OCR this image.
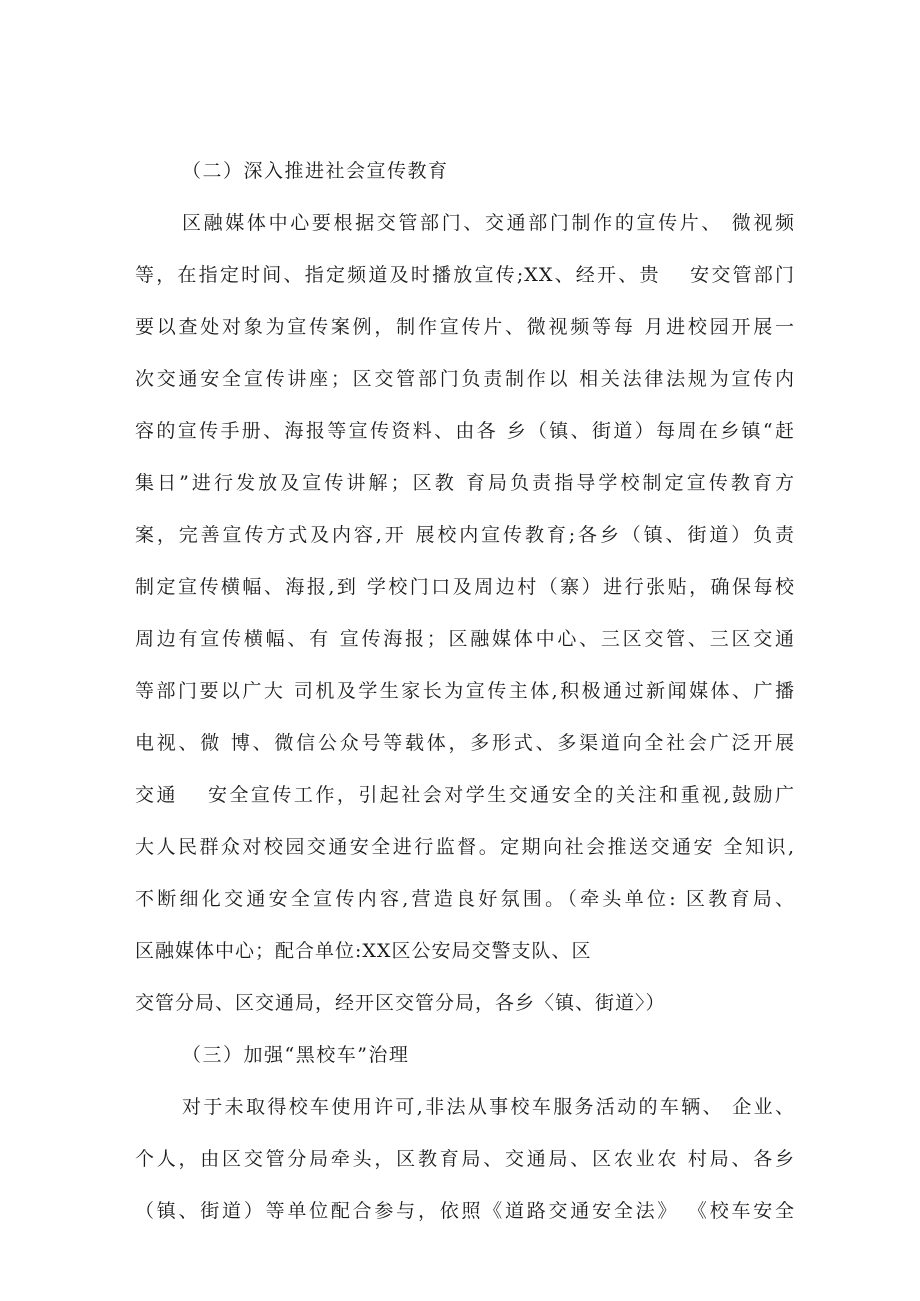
（二）深入推进社会宣传教育
区融媒体中心要根据交管部门、交通部门制作的宣传片、 微视频
等，在指定时间、指定频道及时播放宣传;XX、经开、贵　 安交管部门
要以查处对象为宣传案例，制作宣传片、微视频等每 月进校园开展一
次交通安全宣传讲座；区交管部门负责制作以 相关法律法规为宣传内
容的宣传手册、海报等宣传资料、由各 乡（镇、街道）每周在乡镇“赶
集日”进行发放及宣传讲解；区教 育局负责指导学校制定宣传教育方
案，完善宣传方式及内容,开 展校内宣传教育;各乡（镇、街道）负责
制定宣传横幅、海报,到 学校门口及周边村（寨）进行张贴，确保每校
周边有宣传横幅、有 宣传海报；区融媒体中心、三区交管、三区交通
等部门要以广大 司机及学生家长为宣传主体,积极通过新闻媒体、广播
电视、微 博、微信公众号等载体，多形式、多渠道向全社会广泛开展
交通　 安全宣传工作，引起社会对学生交通安全的关注和重视,鼓励广
大人民群众对校园交通安全进行监督。定期向社会推送交通安 全知识,
不断细化交通安全宣传内容,营造良好氛围。（牵头单位: 区教育局、
区融媒体中心；配合单位:XX区公安局交警支队、区
交管分局、区交通局，经开区交管分局，各乡〈镇、街道〉）
（三）加强“黑校车”治理
对于未取得校车使用许可,非法从事校车服务活动的车辆、 企业、
个人，由区交管分局牵头，区教育局、交通局、区农业农 村局、各乡
（镇、街道）等单位配合参与，依照《道路交通安全法》 《校车安全
